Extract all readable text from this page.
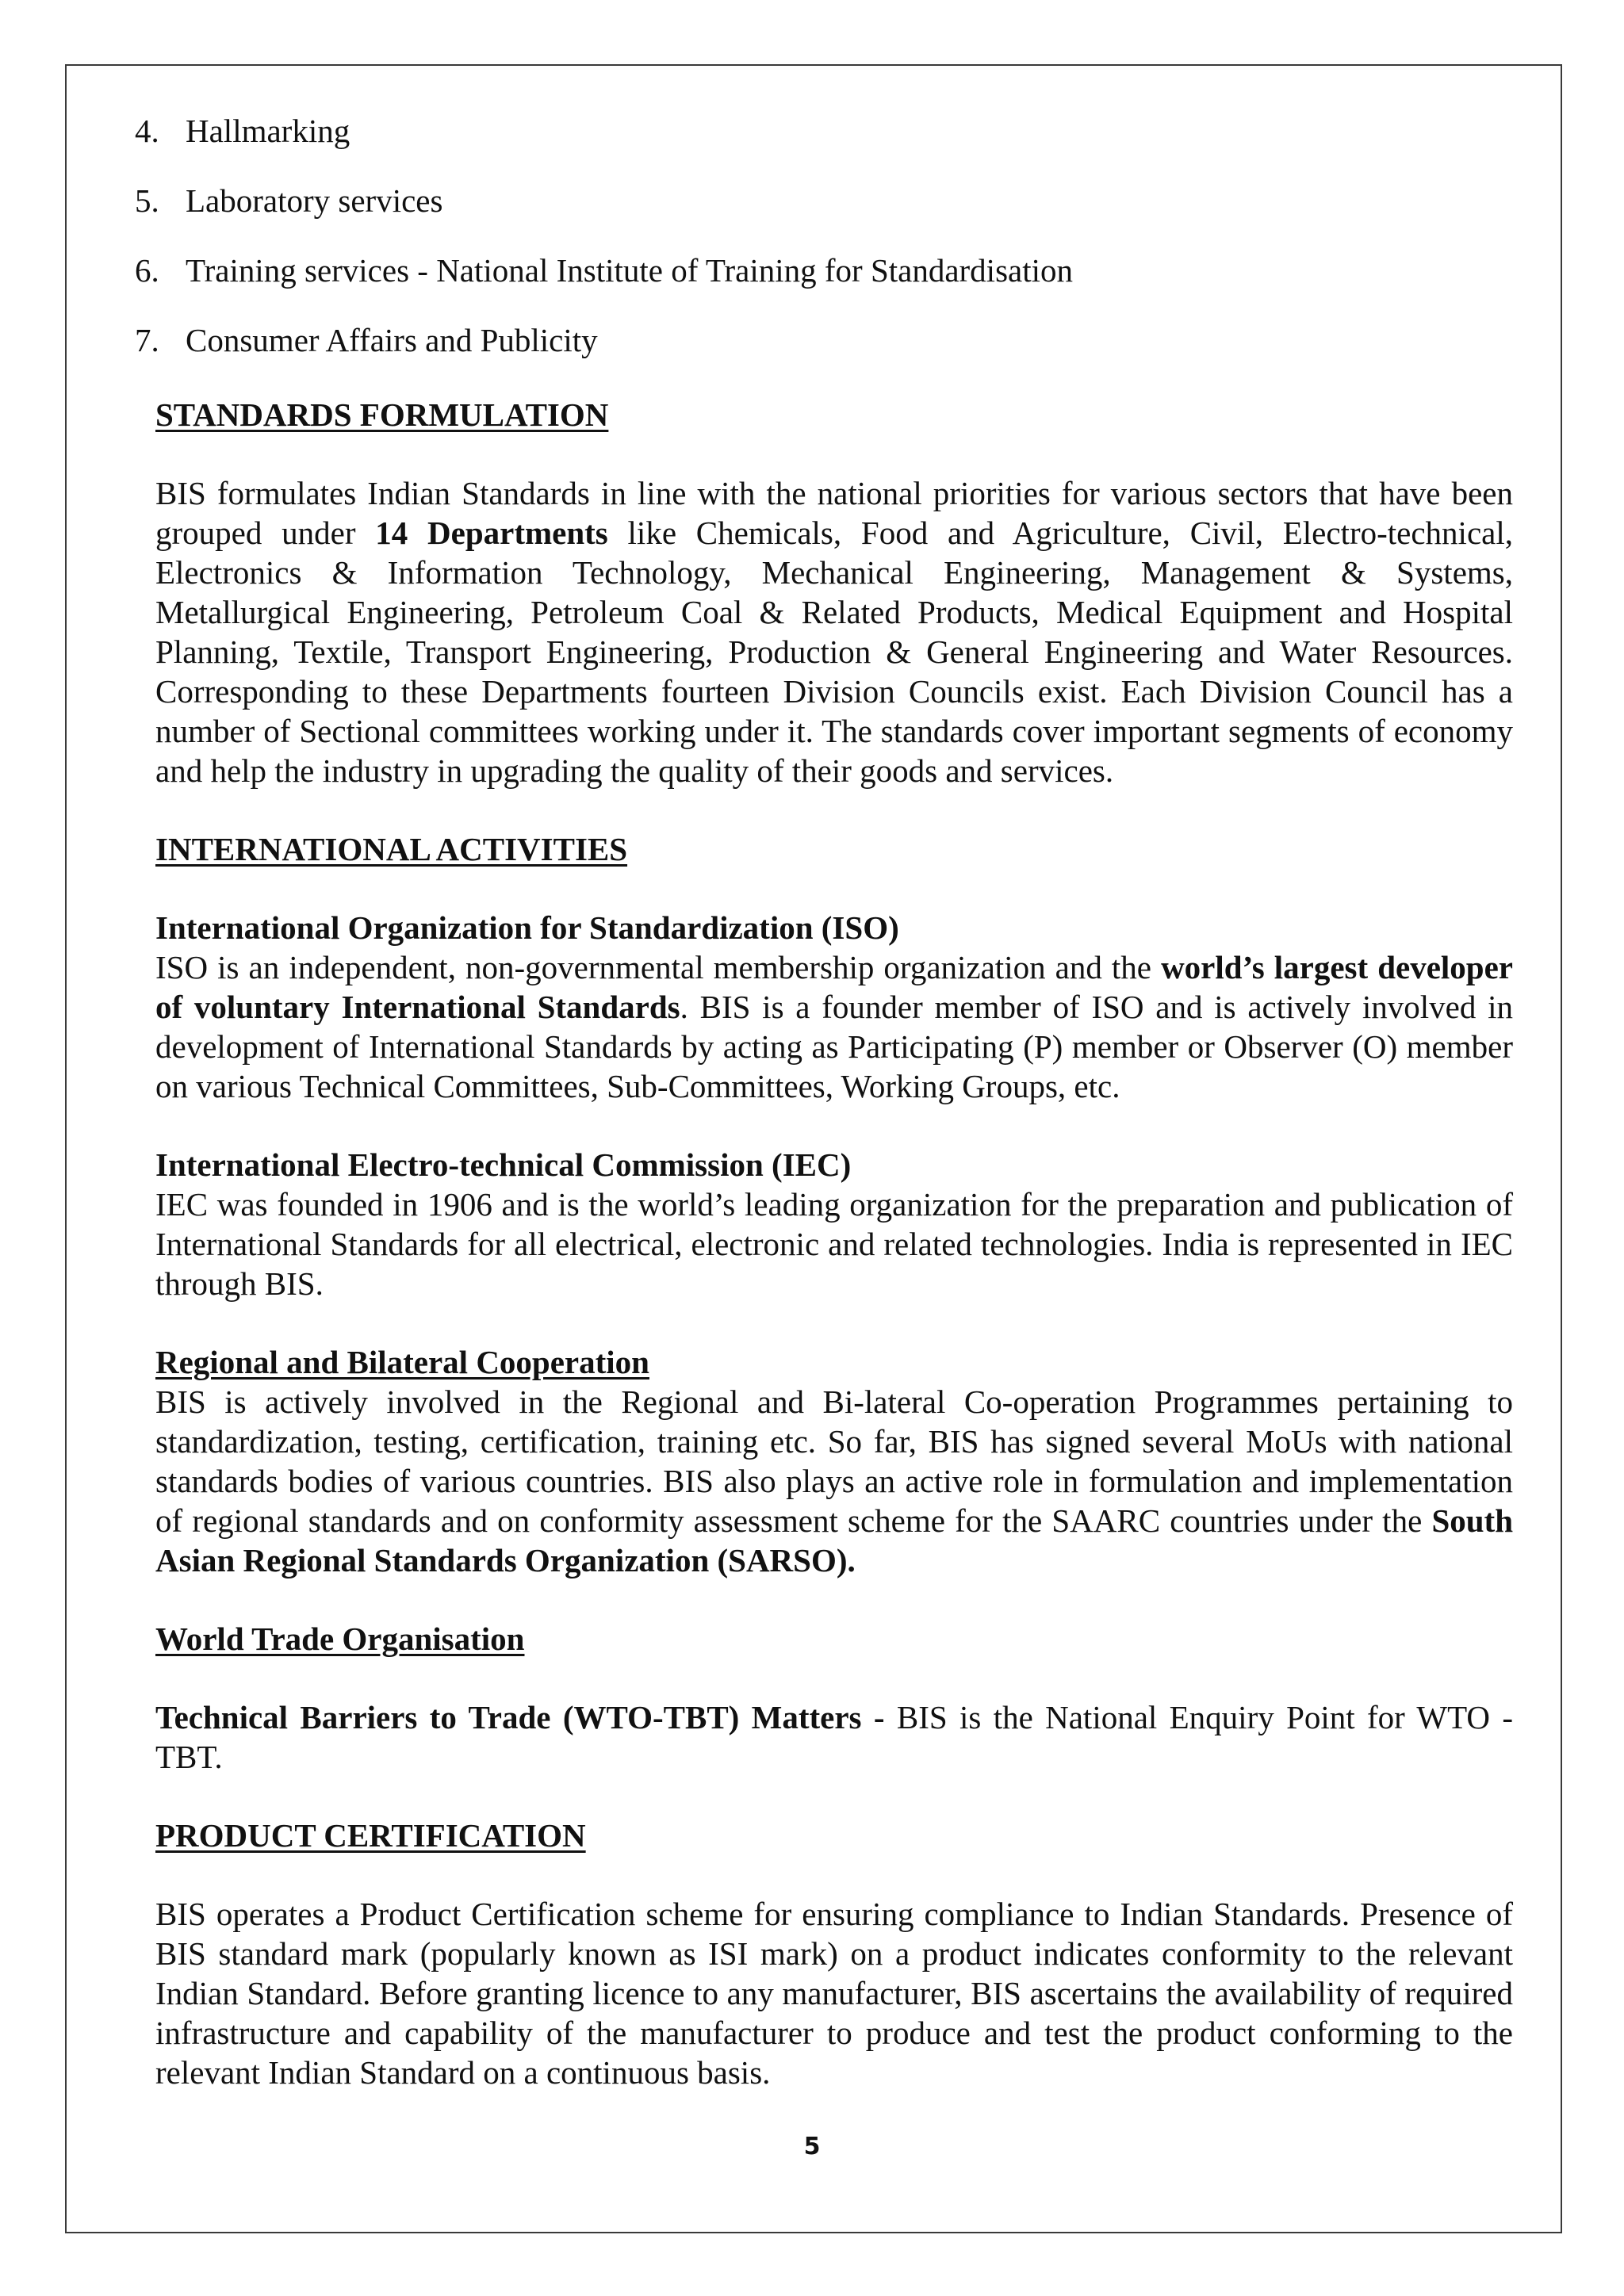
4. Hallmarking
5. Laboratory services
6. Training services - National Institute of Training for Standardisation
7. Consumer Affairs and Publicity

STANDARDS FORMULATION

BIS formulates Indian Standards in line with the national priorities for various sectors that have been grouped under 14 Departments like Chemicals, Food and Agriculture, Civil, Electro-technical, Electronics & Information Technology, Mechanical Engineering, Management & Systems, Metallurgical Engineering, Petroleum Coal & Related Products, Medical Equipment and Hospital Planning, Textile, Transport Engineering, Production & General Engineering and Water Resources. Corresponding to these Departments fourteen Division Councils exist. Each Division Council has a number of Sectional committees working under it. The standards cover important segments of economy and help the industry in upgrading the quality of their goods and services.

INTERNATIONAL ACTIVITIES

International Organization for Standardization (ISO)

ISO is an independent, non-governmental membership organization and the world’s largest developer of voluntary International Standards. BIS is a founder member of ISO and is actively involved in development of International Standards by acting as Participating (P) member or Observer (O) member on various Technical Committees, Sub-Committees, Working Groups, etc.

International Electro-technical Commission (IEC)

IEC was founded in 1906 and is the world’s leading organization for the preparation and publication of International Standards for all electrical, electronic and related technologies. India is represented in IEC through BIS.

Regional and Bilateral Cooperation

BIS is actively involved in the Regional and Bi-lateral Co-operation Programmes pertaining to standardization, testing, certification, training etc. So far, BIS has signed several MoUs with national standards bodies of various countries. BIS also plays an active role in formulation and implementation of regional standards and on conformity assessment scheme for the SAARC countries under the South Asian Regional Standards Organization (SARSO).

World Trade Organisation

Technical Barriers to Trade (WTO-TBT) Matters - BIS is the National Enquiry Point for WTO -TBT.

PRODUCT CERTIFICATION

BIS operates a Product Certification scheme for ensuring compliance to Indian Standards. Presence of BIS standard mark (popularly known as ISI mark) on a product indicates conformity to the relevant Indian Standard. Before granting licence to any manufacturer, BIS ascertains the availability of required infrastructure and capability of the manufacturer to produce and test the product conforming to the relevant Indian Standard on a continuous basis.

5
